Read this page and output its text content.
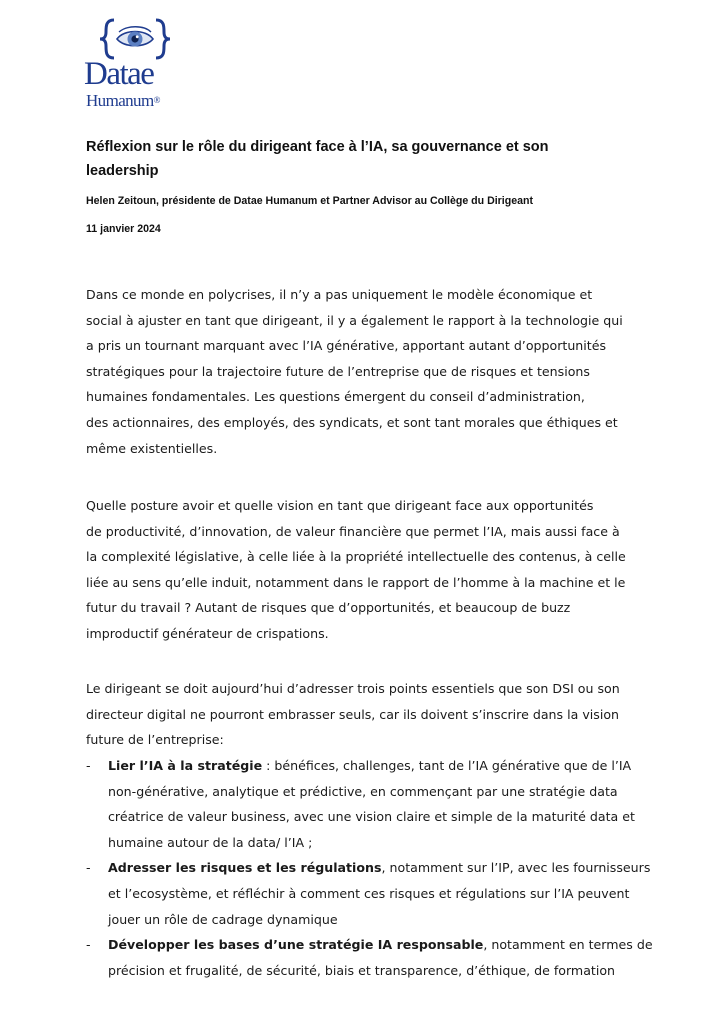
Datae
Humanum®
Réflexion sur le rôle du dirigeant face à l’IA, sa gouvernance et son
leadership
Helen Zeitoun, présidente de Datae Humanum et Partner Advisor au Collège du Dirigeant
11 janvier 2024

Dans ce monde en polycrises, il n’y a pas uniquement le modèle économique et
social à ajuster en tant que dirigeant, il y a également le rapport à la technologie qui
a pris un tournant marquant avec l’IA générative, apportant autant d’opportunités
stratégiques pour la trajectoire future de l’entreprise que de risques et tensions
humaines fondamentales. Les questions émergent du conseil d’administration,
des actionnaires, des employés, des syndicats, et sont tant morales que éthiques et
même existentielles.

Quelle posture avoir et quelle vision en tant que dirigeant face aux opportunités
de productivité, d’innovation, de valeur financière que permet l’IA, mais aussi face à
la complexité législative, à celle liée à la propriété intellectuelle des contenus, à celle
liée au sens qu’elle induit, notamment dans le rapport de l’homme à la machine et le
futur du travail ? Autant de risques que d’opportunités, et beaucoup de buzz
improductif générateur de crispations.

Le dirigeant se doit aujourd’hui d’adresser trois points essentiels que son DSI ou son
directeur digital ne pourront embrasser seuls, car ils doivent s’inscrire dans la vision
future de l’entreprise:

- Lier l’IA à la stratégie : bénéfices, challenges, tant de l’IA générative que de l’IA
non-générative, analytique et prédictive, en commençant par une stratégie data
créatrice de valeur business, avec une vision claire et simple de la maturité data et
humaine autour de la data/ l’IA ;
- Adresser les risques et les régulations, notamment sur l’IP, avec les fournisseurs
et l’ecosystème, et réfléchir à comment ces risques et régulations sur l’IA peuvent
jouer un rôle de cadrage dynamique
- Développer les bases d’une stratégie IA responsable, notamment en termes de
précision et frugalité, de sécurité, biais et transparence, d’éthique, de formation
